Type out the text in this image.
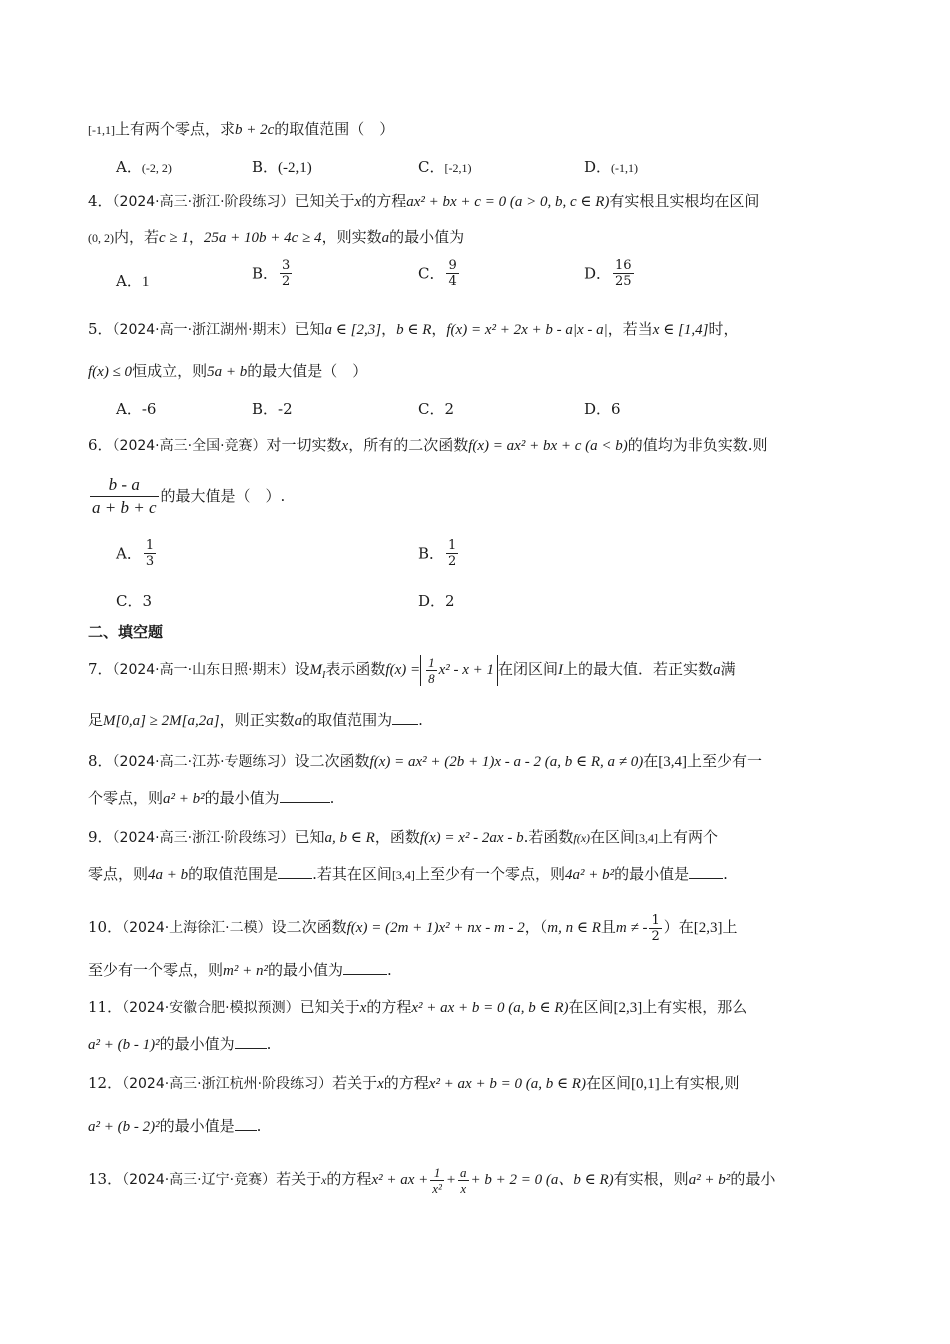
[-1,1]上有两个零点，求b + 2c的取值范围（　）
A．(-2, 2)	B．(-2,1)	C．[-2,1)	D．(-1,1)
4．（2024·高三·浙江·阶段练习）已知关于x的方程ax² + bx + c = 0 (a > 0, b, c ∈ R)有实根且实根均在区间
(0, 2)内，若c ≥ 1，25a + 10b + 4c ≥ 4，则实数a的最小值为
A．1	B． $\frac{3}{2}$	C． $\frac{9}{4}$	D． $\frac{16}{25}$
5．（2024·高一·浙江湖州·期末）已知a ∈ [2,3]，b ∈ R，f(x) = x² + 2x + b - a|x - a|，若当x ∈ [1,4]时，
f(x) ≤ 0恒成立，则5a + b的最大值是（　）
A．-6	B．-2	C．2	D．6
6．（2024·高三·全国·竞赛）对一切实数x，所有的二次函数f(x) = ax² + bx + c (a < b)的值均为非负实数.则
$\frac{b - a}{a + b + c}$ 的最大值是（　）.
A． $\frac{1}{3}$	B． $\frac{1}{2}$
C．3	D．2
二、填空题
7．（2024·高一·山东日照·期末）设$M_I$表示函数$f(x) = \frac{1}{8} x^2 - x + 1$ 在闭区间I上的最大值．若正实数a满
足M[0,a] ≥ 2M[a,2a]，则正实数a的取值范围为 .
8．（2024·高二·江苏·专题练习）设二次函数f(x) = ax² + (2b + 1)x - a - 2 (a, b ∈ R, a ≠ 0)在[3,4]上至少有一
个零点，则a² + b²的最小值为	.
9．（2024·高三·浙江·阶段练习）已知a, b ∈ R，函数f(x) = x² - 2ax - b.若函数f(x)在区间[3,4]上有两个
零点，则4a + b的取值范围是 .若其在区间[3,4]上至少有一个零点，则4a² + b²的最小值是 .
10．（2024·上海徐汇·二模）设二次函数f(x) = (2m + 1)x² + nx - m - 2，（m, n ∈ R且m ≠ - $\frac{1}{2}$ ）在[2,3]上
至少有一个零点，则m² + n²的最小值为	.
11．（2024·安徽合肥·模拟预测）已知关于x的方程x² + ax + b = 0 (a, b ∈ R)在区间[2,3]上有实根，那么
a² + (b - 1)²的最小值为 .
12．（2024·高三·浙江杭州·阶段练习）若关于x的方程x² + ax + b = 0 (a, b ∈ R)在区间[0,1]上有实根,则
a² + (b - 2)²的最小值是 .
13．（2024·高三·辽宁·竞赛）若关于x的方程x² + ax + $\frac{1}{\text{x²}} + \frac{a}{x} + b + 2 = 0$ (a、b ∈ R)有实根，则a² + b²的最小
